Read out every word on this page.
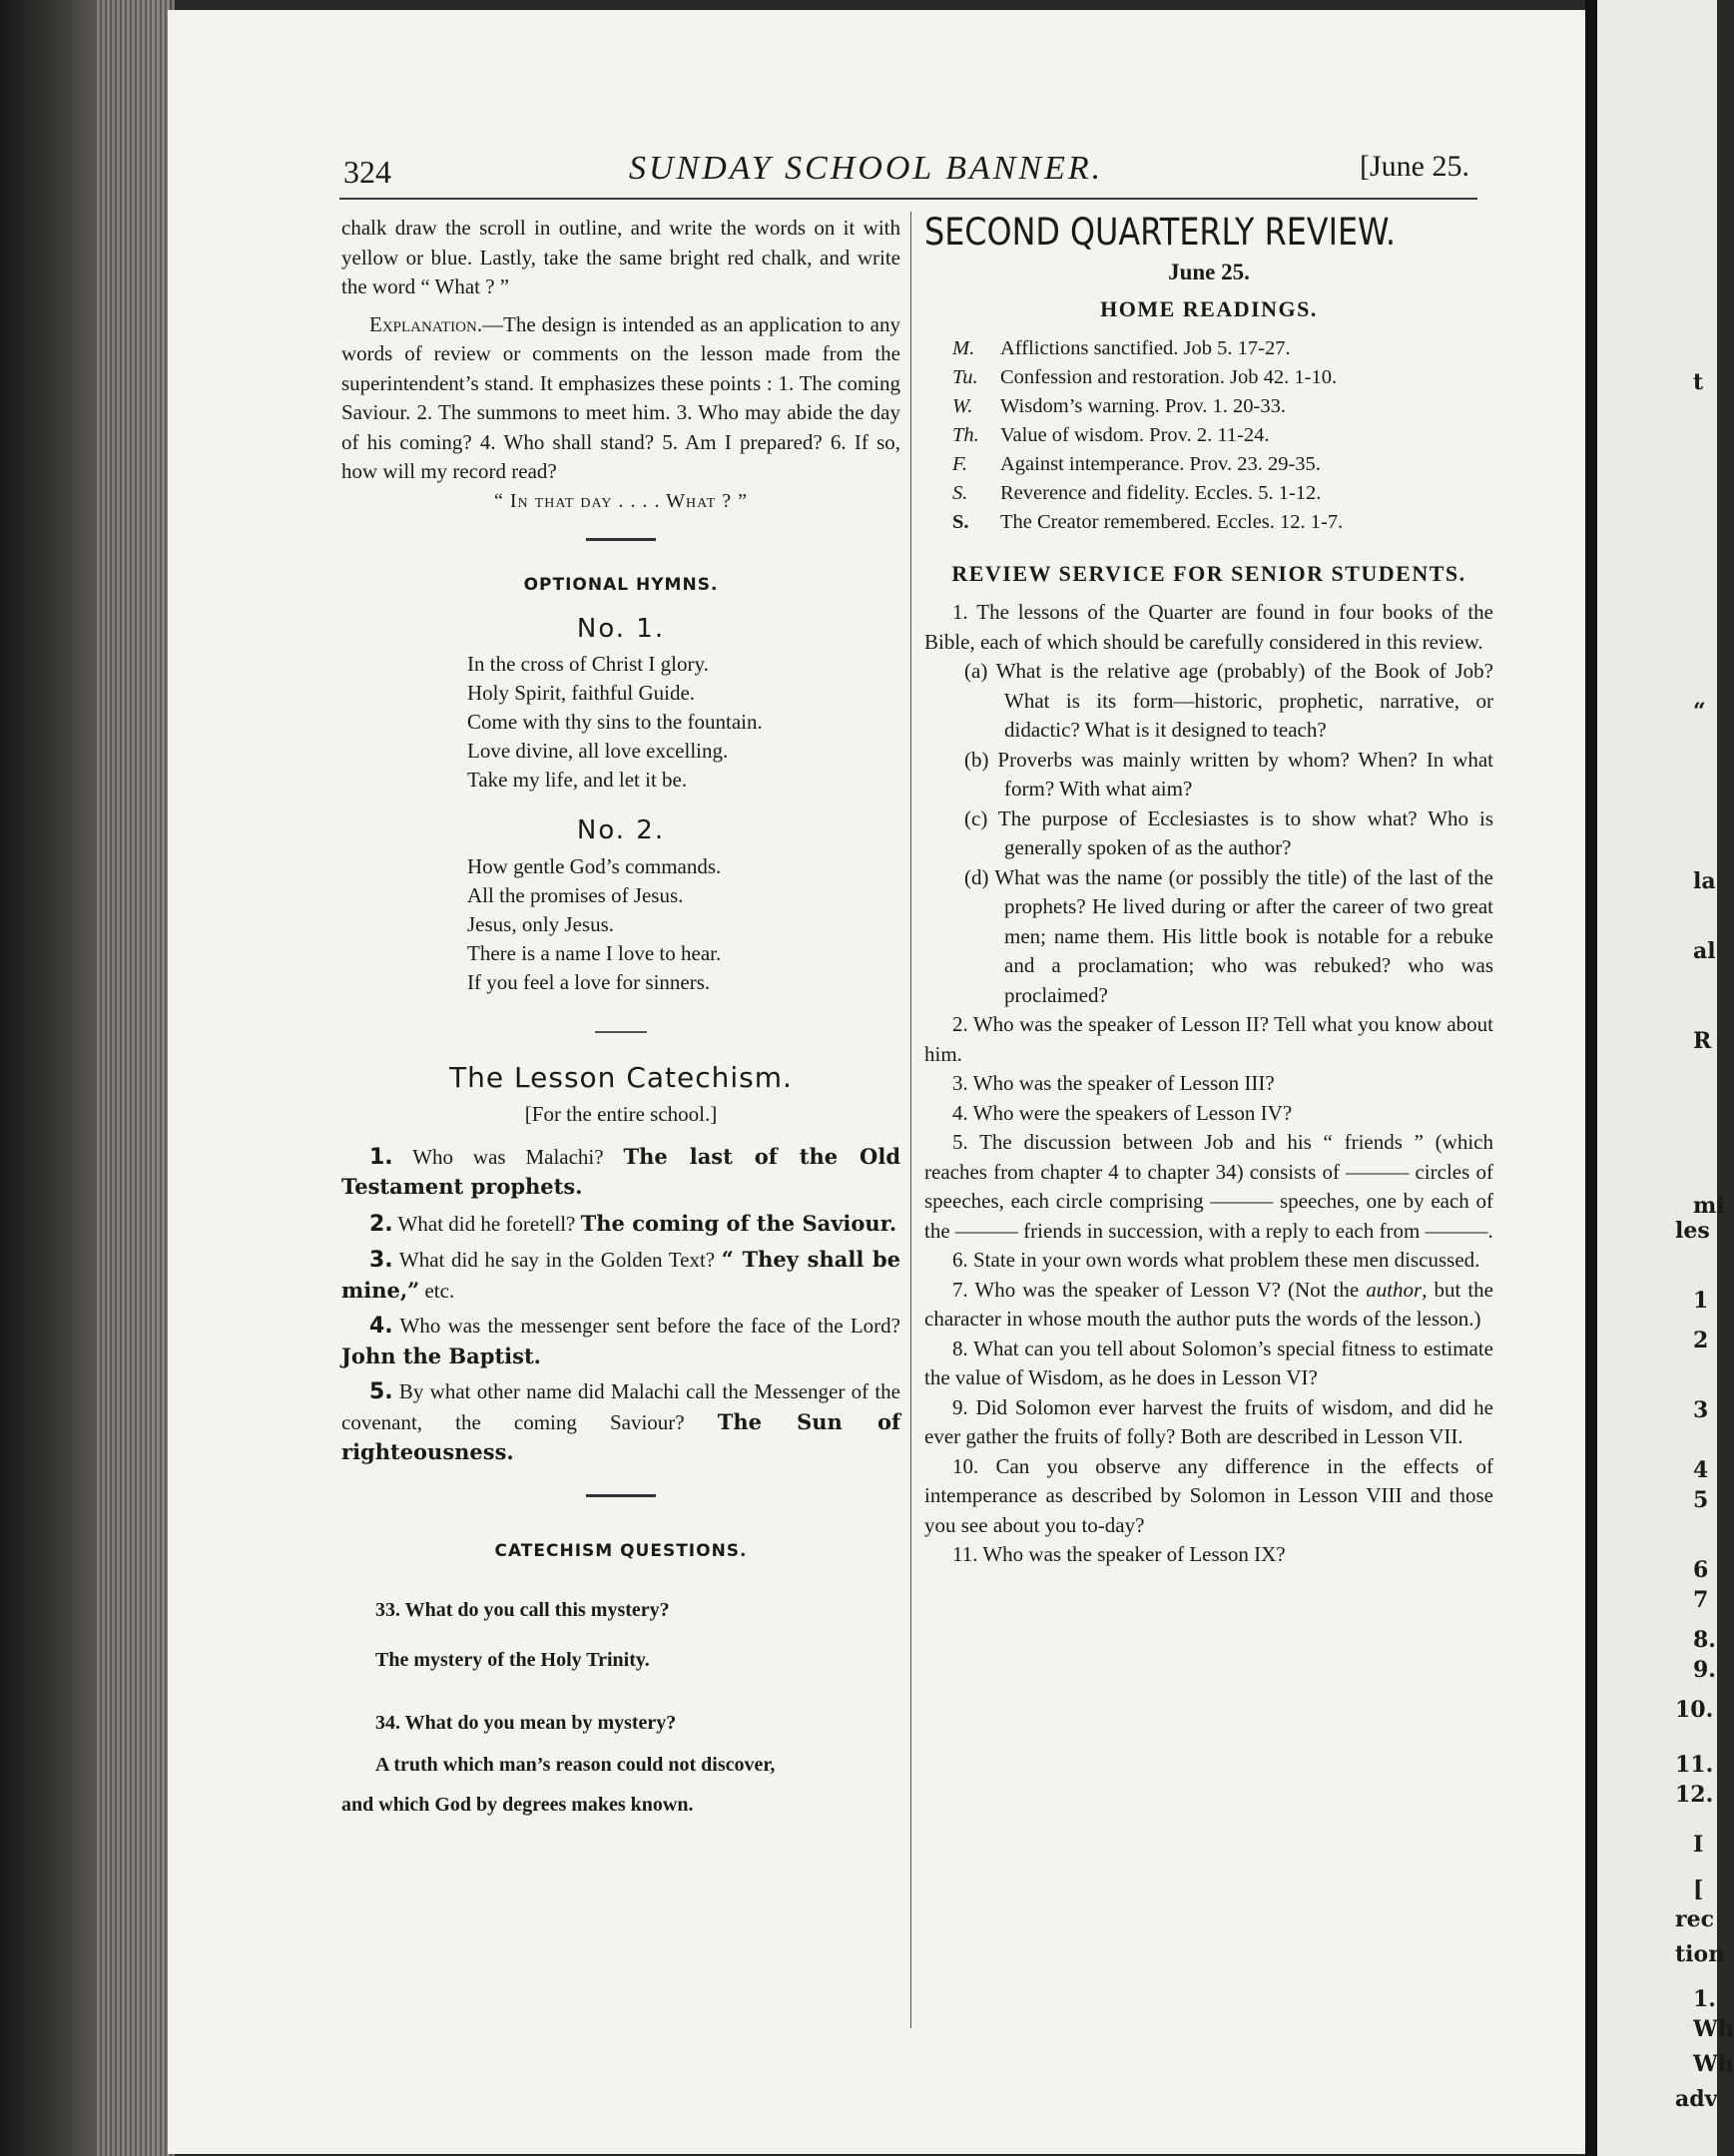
t
“
la
al
R
mi
les
1
2
3
4
5
6
7
8.
9.
10.
11.
12.
I
[
rec
tion
1.
Wh
Wh
adv
324	SUNDAY SCHOOL BANNER.	[June 25.

chalk draw the scroll in outline, and write the words on it with yellow or blue. Lastly, take the same bright red chalk, and write the word “ What ? ”

Explanation.—The design is intended as an application to any words of review or comments on the lesson made from the superintendent’s stand. It emphasizes these points : 1. The coming Saviour. 2. The summons to meet him. 3. Who may abide the day of his coming? 4. Who shall stand? 5. Am I prepared? 6. If so, how will my record read?

“ In that day . . . . What ? ”
OPTIONAL HYMNS.
No. 1.
In the cross of Christ I glory.
Holy Spirit, faithful Guide.
Come with thy sins to the fountain.
Love divine, all love excelling.
Take my life, and let it be.
No. 2.
How gentle God’s commands.
All the promises of Jesus.
Jesus, only Jesus.
There is a name I love to hear.
If you feel a love for sinners.
The Lesson Catechism.
[For the entire school.]

1. Who was Malachi? The last of the Old Testament prophets.

2. What did he foretell? The coming of the Saviour.

3. What did he say in the Golden Text? “ They shall be mine,” etc.

4. Who was the messenger sent before the face of the Lord? John the Baptist.

5. By what other name did Malachi call the Messenger of the covenant, the coming Saviour? The Sun of righteousness.

CATECHISM QUESTIONS.
33. What do you call this mystery?
The mystery of the Holy Trinity.
34. What do you mean by mystery?
A truth which man’s reason could not discover,
and which God by degrees makes known.
SECOND QUARTERLY REVIEW.
June 25.
HOME READINGS.
M.	Afflictions sanctified. Job 5. 17-27.
Tu.	Confession and restoration. Job 42. 1-10.
W.	Wisdom’s warning. Prov. 1. 20-33.
Th.	Value of wisdom. Prov. 2. 11-24.
F.	Against intemperance. Prov. 23. 29-35.
S.	Reverence and fidelity. Eccles. 5. 1-12.
S.	The Creator remembered. Eccles. 12. 1-7.
REVIEW SERVICE FOR SENIOR STUDENTS.

1. The lessons of the Quarter are found in four books of the Bible, each of which should be carefully considered in this review.

(a) What is the relative age (probably) of the Book of Job? What is its form—historic, prophetic, narrative, or didactic? What is it designed to teach?

(b) Proverbs was mainly written by whom? When? In what form? With what aim?

(c) The purpose of Ecclesiastes is to show what? Who is generally spoken of as the author?

(d) What was the name (or possibly the title) of the last of the prophets? He lived during or after the career of two great men; name them. His little book is notable for a rebuke and a proclamation; who was rebuked? who was proclaimed?

2. Who was the speaker of Lesson II? Tell what you know about him.

3. Who was the speaker of Lesson III?

4. Who were the speakers of Lesson IV?

5. The discussion between Job and his “ friends ” (which reaches from chapter 4 to chapter 34) consists of ——— circles of speeches, each circle comprising ——— speeches, one by each of the ——— friends in succession, with a reply to each from ———.

6. State in your own words what problem these men discussed.

7. Who was the speaker of Lesson V? (Not the author, but the character in whose mouth the author puts the words of the lesson.)

8. What can you tell about Solomon’s special fitness to estimate the value of Wisdom, as he does in Lesson VI?

9. Did Solomon ever harvest the fruits of wisdom, and did he ever gather the fruits of folly? Both are described in Lesson VII.

10. Can you observe any difference in the effects of intemperance as described by Solomon in Lesson VIII and those you see about you to-day?

11. Who was the speaker of Lesson IX?
